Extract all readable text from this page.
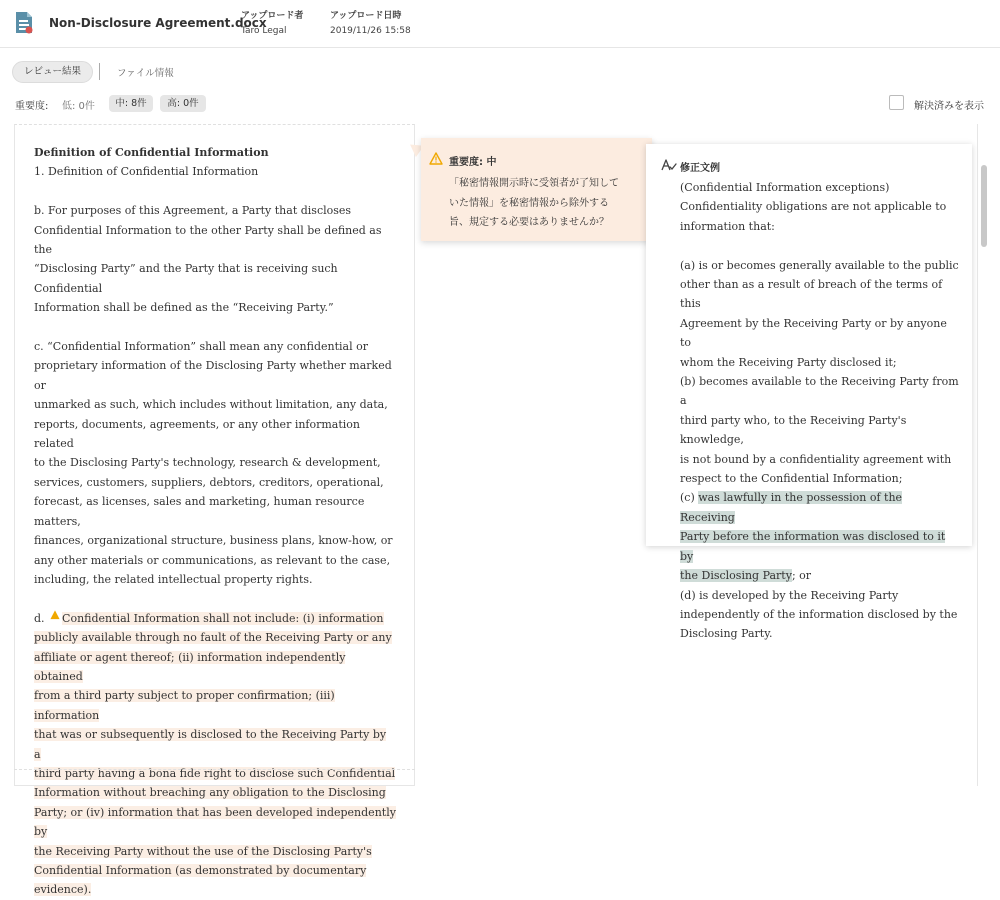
Non-Disclosure Agreement.docx
アップロード者
Taro Legal
アップロード日時
2019/11/26 15:58
レビュー結果	ファイル情報
重要度: 低: 0件	中: 8件	高: 0件	解決済みを表示

Definition of Confidential Information

1. Definition of Confidential Information

b. For purposes of this Agreement, a Party that discloses

Confidential Information to the other Party shall be defined as the

“Disclosing Party” and the Party that is receiving such Confidential

Information shall be defined as the “Receiving Party.”

c. “Confidential Information” shall mean any confidential or

proprietary information of the Disclosing Party whether marked or

unmarked as such, which includes without limitation, any data,

reports, documents, agreements, or any other information related

to the Disclosing Party's technology, research & development,

services, customers, suppliers, debtors, creditors, operational,

forecast, as licenses, sales and marketing, human resource matters,

finances, organizational structure, business plans, know-how, or

any other materials or communications, as relevant to the case,

including, the related intellectual property rights.

d. Confidential Information shall not include: (i) information

publicly available through no fault of the Receiving Party or any

affiliate or agent thereof; (ii) information independently obtained

from a third party subject to proper confirmation; (iii) information

that was or subsequently is disclosed to the Receiving Party by a

third party having a bona fide right to disclose such Confidential

Information without breaching any obligation to the Disclosing

Party; or (iv) information that has been developed independently by

the Receiving Party without the use of the Disclosing Party's

Confidential Information (as demonstrated by documentary

evidence).

重要度: 中

「秘密情報開示時に受領者が了知して

いた情報」を秘密情報から除外する

旨、規定する必要はありませんか？

修正文例

(Confidential Information exceptions)

Confidentiality obligations are not applicable to

information that:

(a) is or becomes generally available to the public

other than as a result of breach of the terms of this

Agreement by the Receiving Party or by anyone to

whom the Receiving Party disclosed it;

(b) becomes available to the Receiving Party from a

third party who, to the Receiving Party's knowledge,

is not bound by a confidentiality agreement with

respect to the Confidential Information;

(c) was lawfully in the possession of the Receiving

Party before the information was disclosed to it by

the Disclosing Party; or

(d) is developed by the Receiving Party

independently of the information disclosed by the

Disclosing Party.
